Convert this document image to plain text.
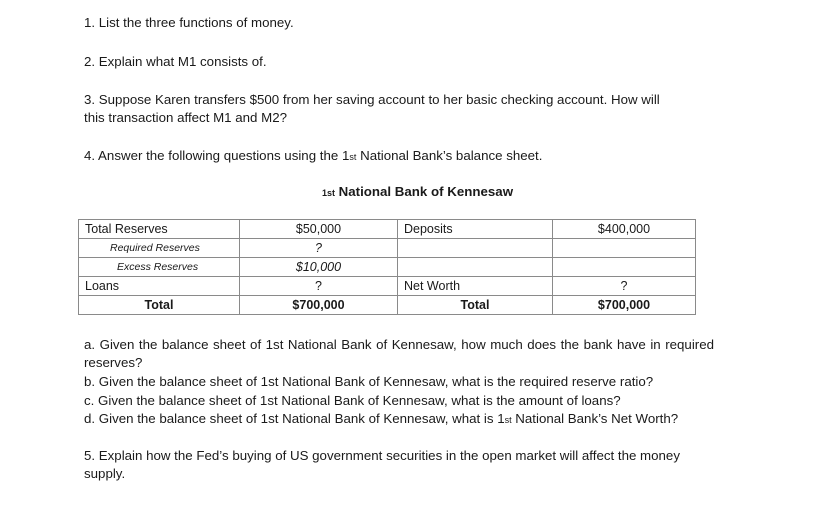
1. List the three functions of money.
2. Explain what M1 consists of.
3. Suppose Karen transfers $500 from her saving account to her basic checking account. How will this transaction affect M1 and M2?
4. Answer the following questions using the 1st National Bank’s balance sheet.
1st National Bank of Kennesaw
Total Reserves	$50,000	Deposits	$400,000
Required Reserves	?		
Excess Reserves	$10,000		
Loans	?	Net Worth	?
Total	$700,000	Total	$700,000
a. Given the balance sheet of 1st National Bank of Kennesaw, how much does the bank have in required reserves?
b. Given the balance sheet of 1st National Bank of Kennesaw, what is the required reserve ratio?
c. Given the balance sheet of 1st National Bank of Kennesaw, what is the amount of loans?
d. Given the balance sheet of 1st National Bank of Kennesaw, what is 1st National Bank’s Net Worth?
5. Explain how the Fed’s buying of US government securities in the open market will affect the money supply.
